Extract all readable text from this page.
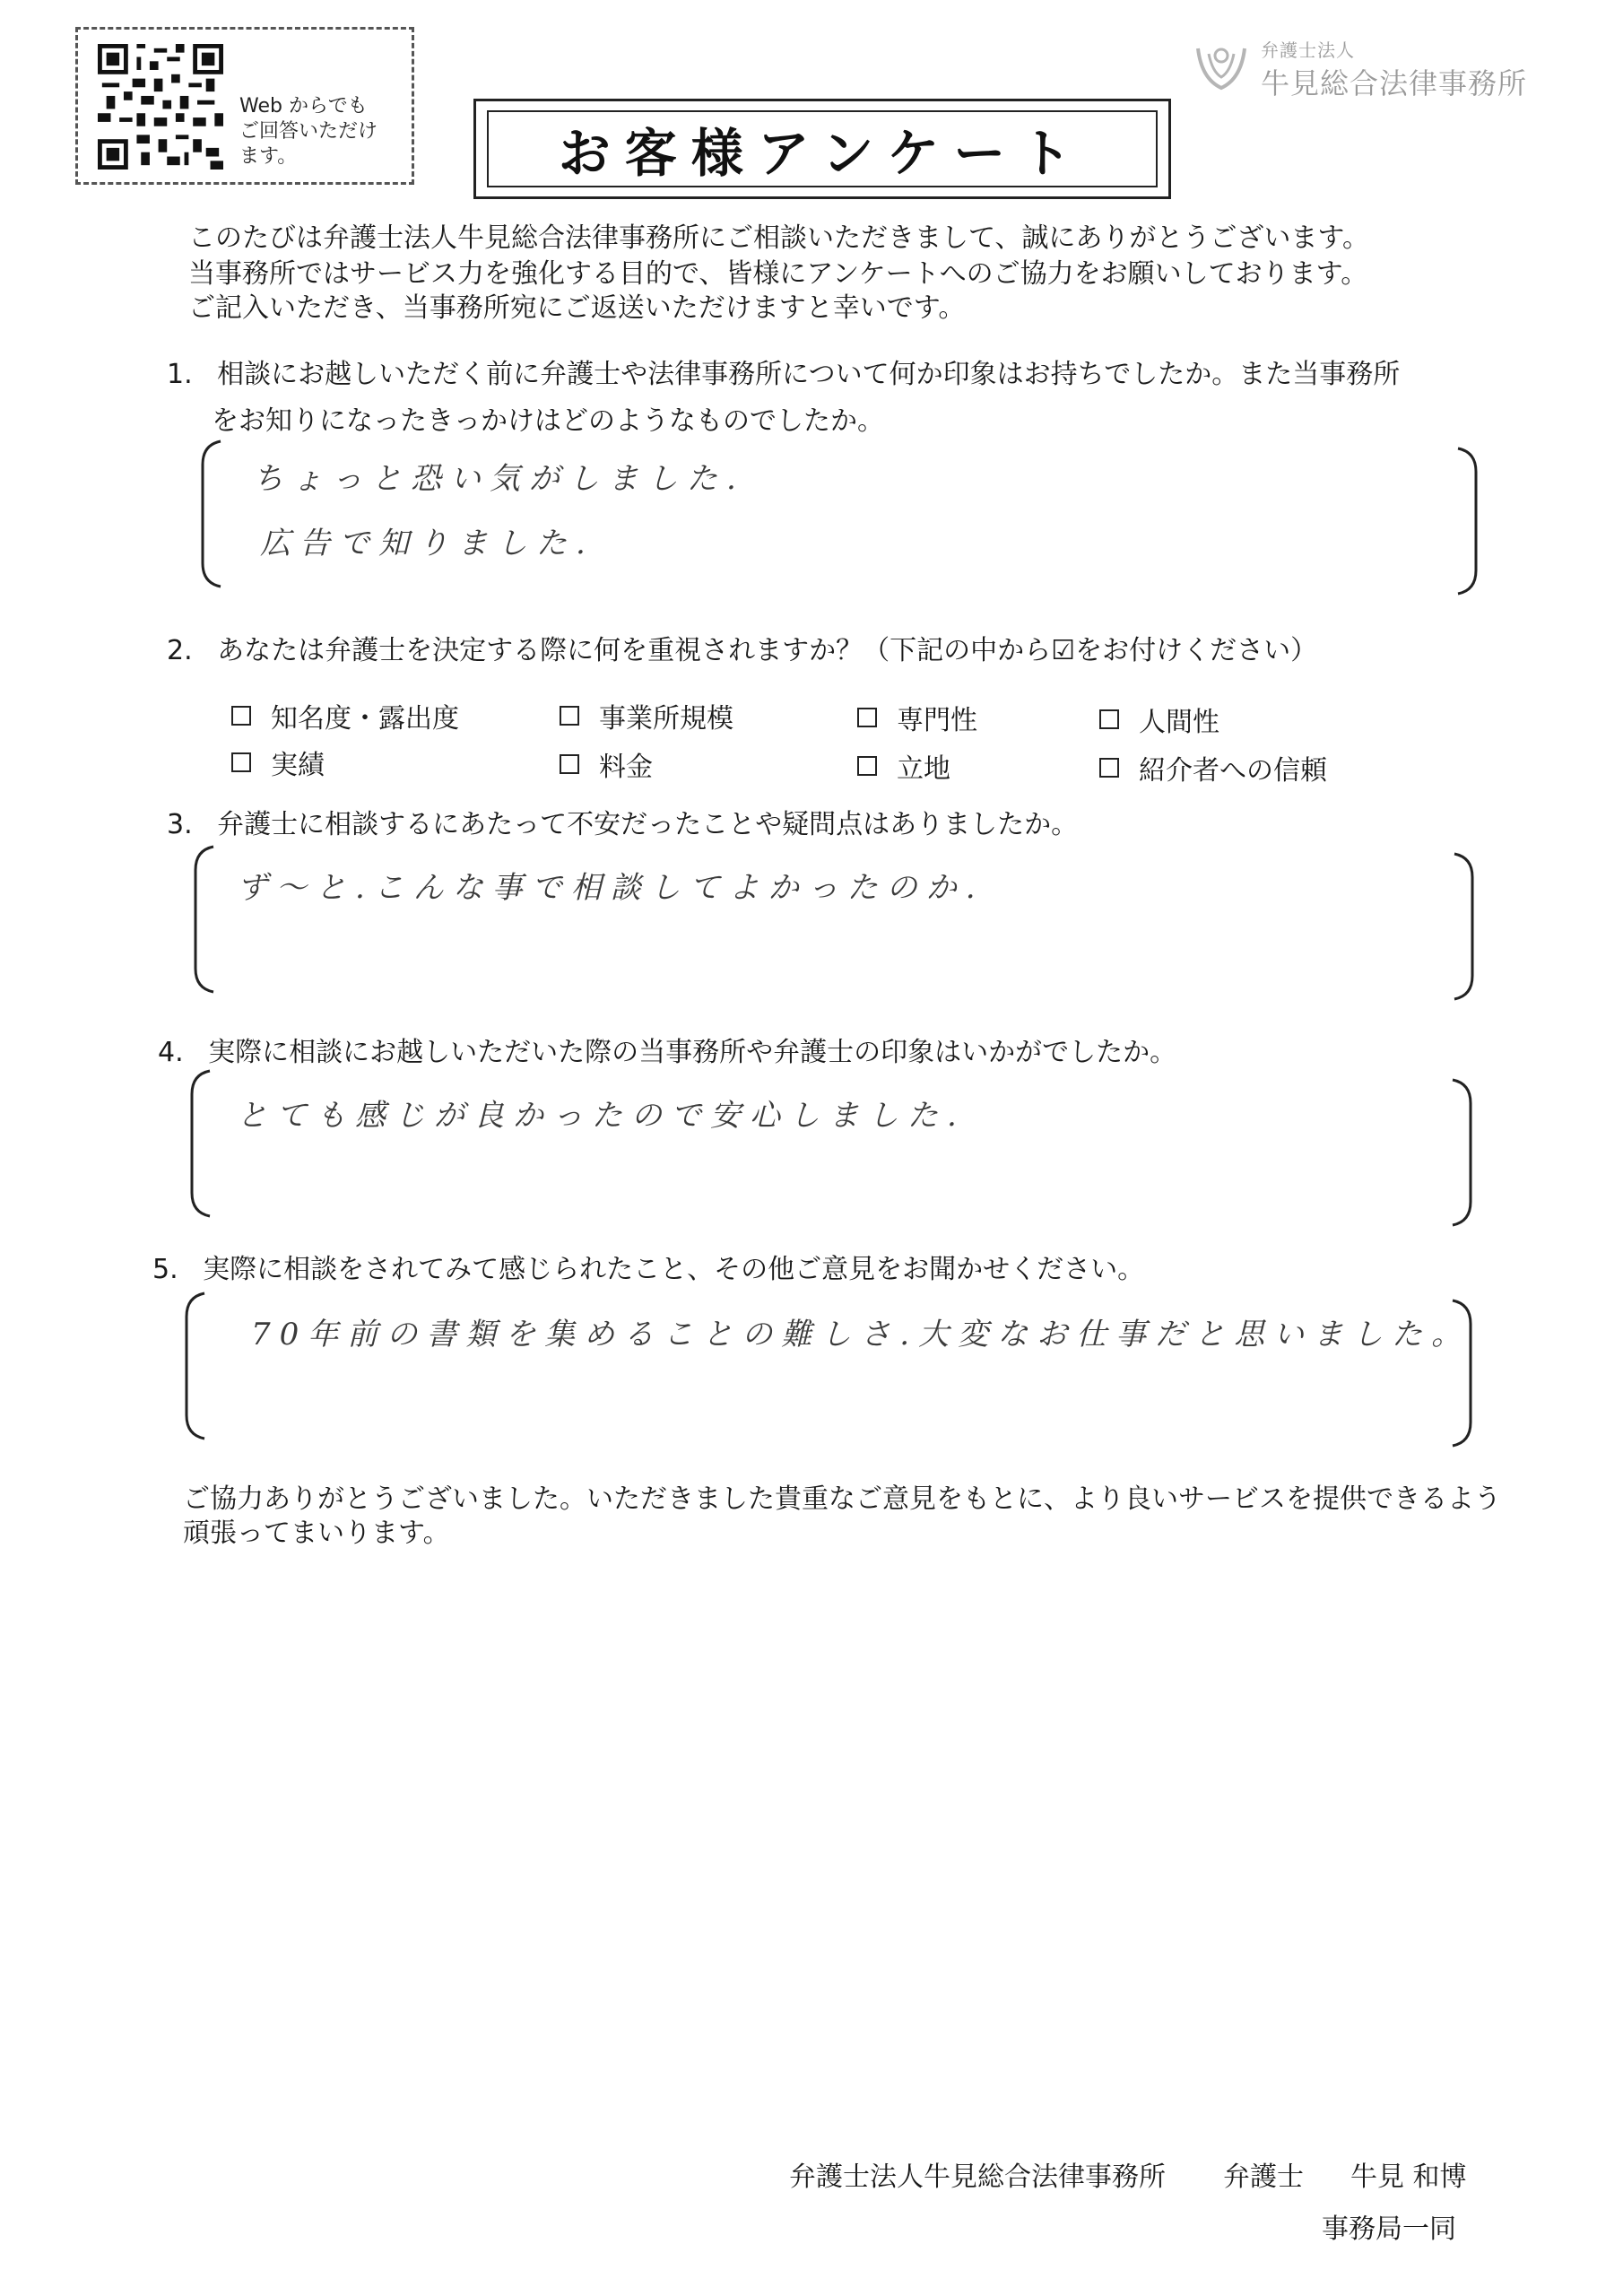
Web からでも
ご回答いただけ
ます。
弁護士法人
牛見総合法律事務所
お客様アンケート
このたびは弁護士法人牛見総合法律事務所にご相談いただきまして、誠にありがとうございます。
当事務所ではサービス力を強化する目的で、皆様にアンケートへのご協力をお願いしております。
ご記入いただき、当事務所宛にご返送いただけますと幸いです。
1. 相談にお越しいただく前に弁護士や法律事務所について何か印象はお持ちでしたか。また当事務所
をお知りになったきっかけはどのようなものでしたか。
ちょっと恐い気がしました.
広告で知りました.
2. あなたは弁護士を決定する際に何を重視されますか？（下記の中から☑をお付けください）
知名度・露出度	事業所規模	専門性	人間性
実績	料金	立地	紹介者への信頼
3. 弁護士に相談するにあたって不安だったことや疑問点はありましたか。
ず～と.こんな事で相談してよかったのか.
4. 実際に相談にお越しいただいた際の当事務所や弁護士の印象はいかがでしたか。
とても感じが良かったので安心しました.
5. 実際に相談をされてみて感じられたこと、その他ご意見をお聞かせください。
70年前の書類を集めることの難しさ.大変なお仕事だと思いました。
ご協力ありがとうございました。いただきました貴重なご意見をもとに、より良いサービスを提供できるよう
頑張ってまいります。
弁護士法人牛見総合法律事務所 弁護士 牛見 和博
事務局一同
